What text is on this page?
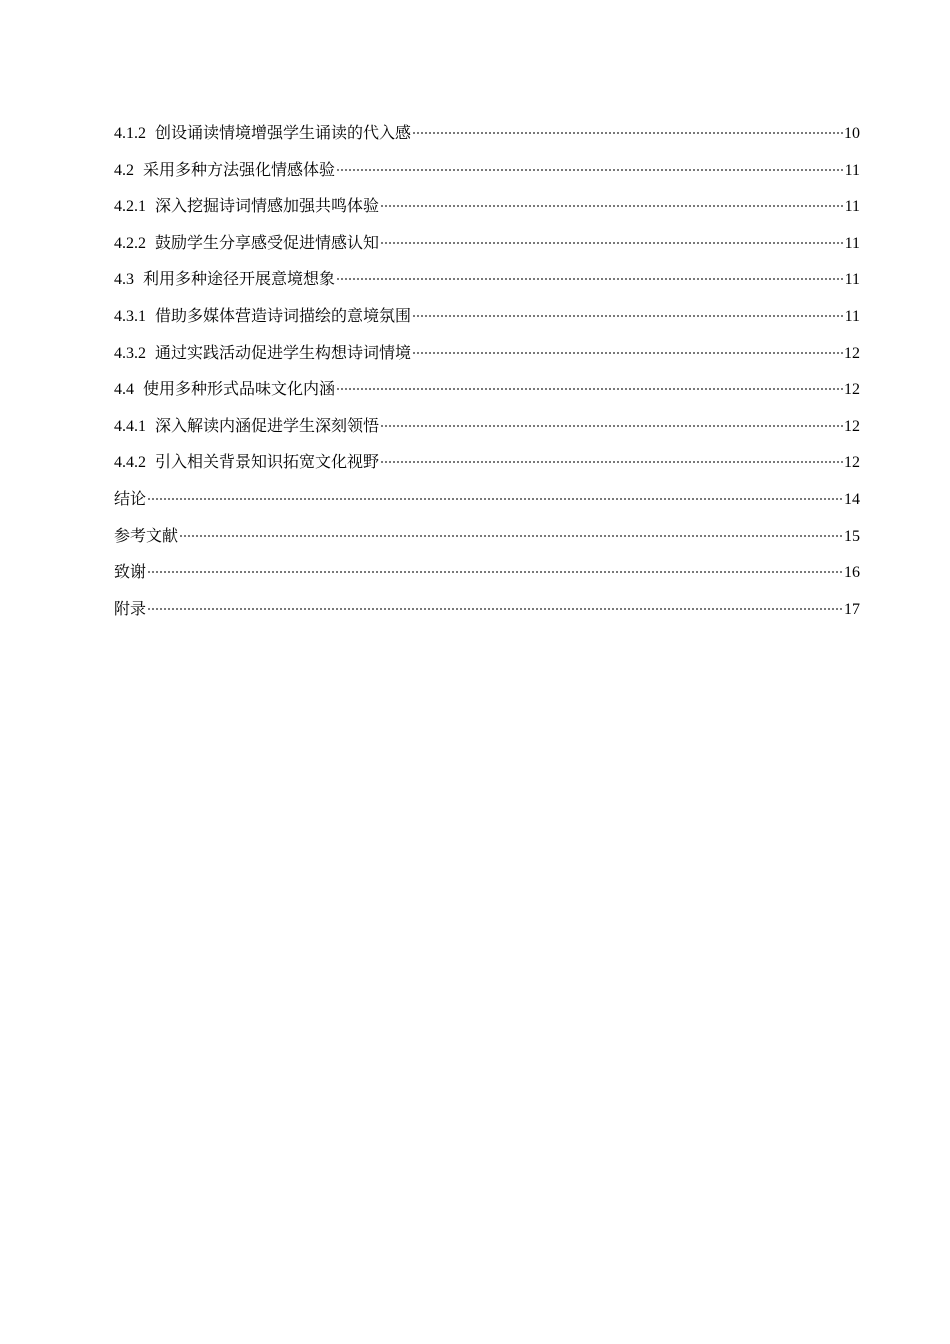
4.1.2 创设诵读情境增强学生诵读的代入感	10
4.2 采用多种方法强化情感体验	11
4.2.1 深入挖掘诗词情感加强共鸣体验	11
4.2.2 鼓励学生分享感受促进情感认知	11
4.3 利用多种途径开展意境想象	11
4.3.1 借助多媒体营造诗词描绘的意境氛围	11
4.3.2 通过实践活动促进学生构想诗词情境	12
4.4 使用多种形式品味文化内涵	12
4.4.1 深入解读内涵促进学生深刻领悟	12
4.4.2 引入相关背景知识拓宽文化视野	12
结论	14
参考文献	15
致谢	16
附录	17
